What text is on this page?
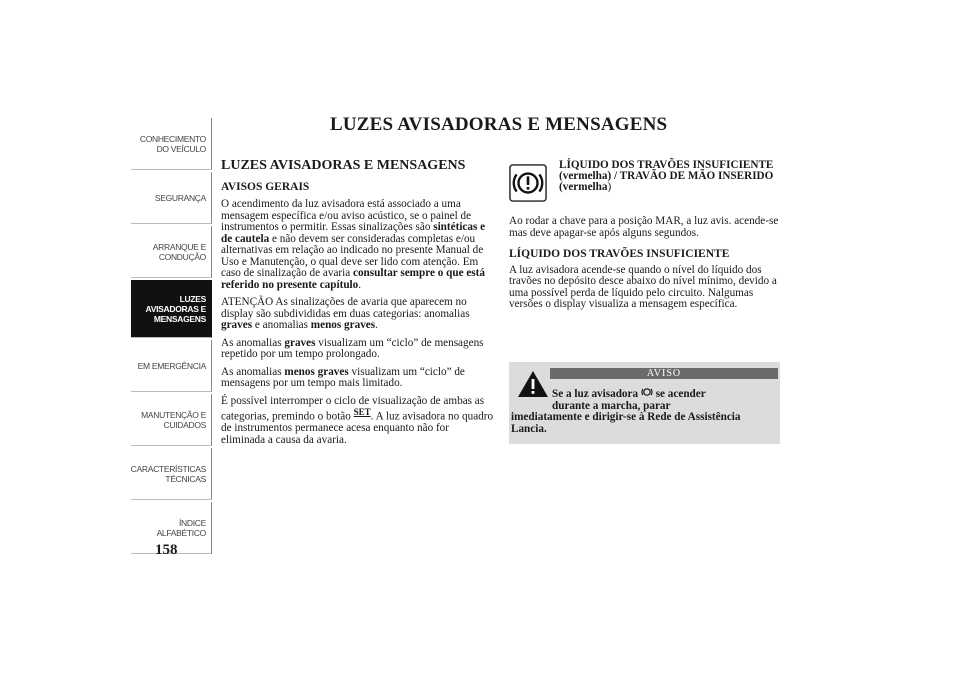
CONHECIMENTO
DO VEÍCULO
SEGURANÇA
ARRANQUE E
CONDUÇÃO
LUZES
AVISADORAS E
MENSAGENS
EM EMERGÊNCIA
MANUTENÇÃO E
CUIDADOS
CARACTERÍSTICAS
TÉCNICAS
ÍNDICE
ALFABÉTICO
158
LUZES AVISADORAS E MENSAGENS
LUZES AVISADORAS E MENSAGENS
AVISOS GERAIS

O acendimento da luz avisadora está associado a uma mensagem específica e/ou aviso acústico, se o painel de instrumentos o permitir. Essas sinalizações são sintéticas e de cautela e não devem ser consideradas completas e/ou alternativas em relação ao indicado no presente Manual de Uso e Manutenção, o qual deve ser lido com atenção. Em caso de sinalização de avaria consultar sempre o que está referido no presente capítulo.

ATENÇÃO As sinalizações de avaria que aparecem no display são subdivididas em duas categorias: anomalias graves e anomalias menos graves.

As anomalias graves visualizam um “ciclo” de mensagens repetido por um tempo prolongado.

As anomalias menos graves visualizam um “ciclo” de mensagens por um tempo mais limitado.

É possível interromper o ciclo de visualização de ambas as categorias, premindo o botão $^{SET}$. A luz avisadora no quadro de instrumentos permanece acesa enquanto não for eliminada a causa da avaria.

LÍQUIDO DOS TRAVÕES INSUFICIENTE (vermelha) / TRAVÃO DE MÃO INSERIDO
(vermelha)

Ao rodar a chave para a posição MAR, a luz avis. acende-se mas deve apagar-se após alguns segundos.

LÍQUIDO DOS TRAVÕES INSUFICIENTE

A luz avisadora acende-se quando o nível do líquido dos travões no depósito desce abaixo do nível mínimo, devido a uma possível perda de líquido pelo circuito. Nalgumas versões o display visualiza a mensagem específica.

AVISO
Se a luz avisadora se acender
durante a marcha, parar
imediatamente e dirigir-se à Rede de Assistência Lancia.
